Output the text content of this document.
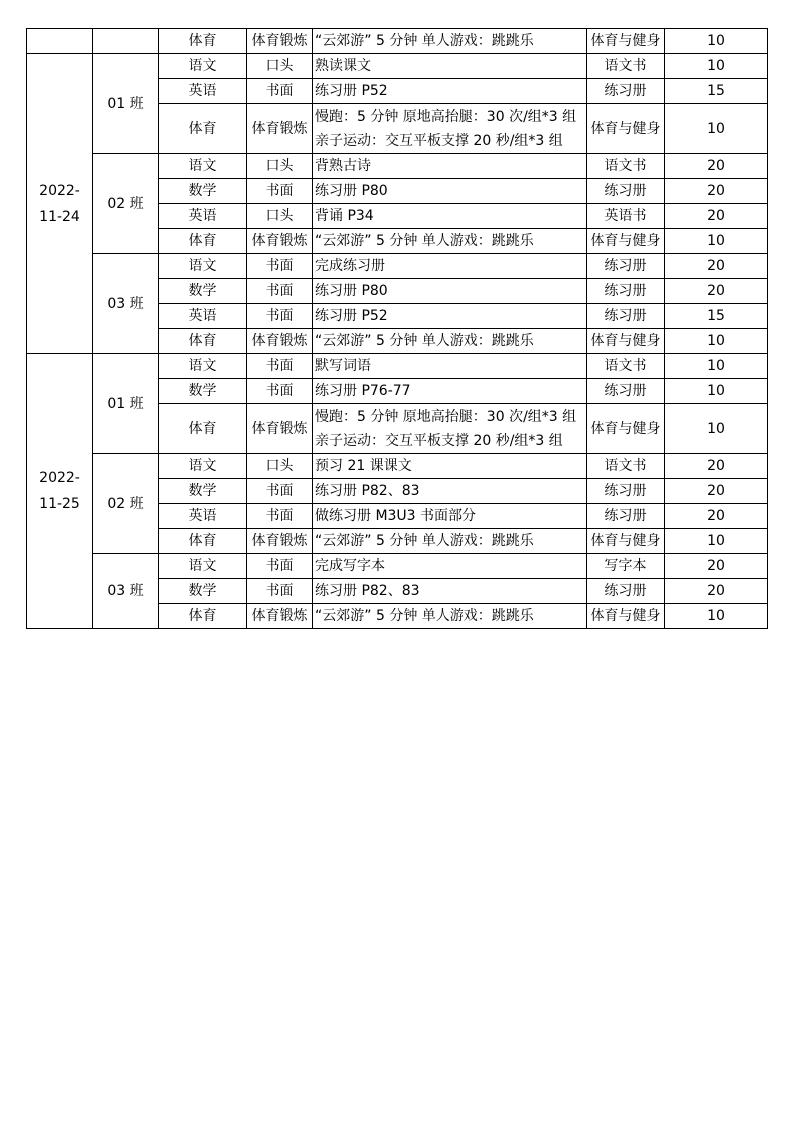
		体育	体育锻炼	“云郊游” 5 分钟 单人游戏：跳跳乐	体育与健身	10
2022-11-24	01 班	语文	口头	熟读课文	语文书	10
		英语	书面	练习册 P52	练习册	15
		体育	体育锻炼	慢跑：5 分钟 原地高抬腿：30 次/组*3 组
亲子运动：交互平板支撑 20 秒/组*3 组	体育与健身	10
	02 班	语文	口头	背熟古诗	语文书	20
		数学	书面	练习册 P80	练习册	20
		英语	口头	背诵 P34	英语书	20
		体育	体育锻炼	“云郊游” 5 分钟 单人游戏：跳跳乐	体育与健身	10
	03 班	语文	书面	完成练习册	练习册	20
		数学	书面	练习册 P80	练习册	20
		英语	书面	练习册 P52	练习册	15
		体育	体育锻炼	“云郊游” 5 分钟 单人游戏：跳跳乐	体育与健身	10
2022-11-25	01 班	语文	书面	默写词语	语文书	10
		数学	书面	练习册 P76-77	练习册	10
		体育	体育锻炼	慢跑：5 分钟 原地高抬腿：30 次/组*3 组
亲子运动：交互平板支撑 20 秒/组*3 组	体育与健身	10
	02 班	语文	口头	预习 21 课课文	语文书	20
		数学	书面	练习册 P82、83	练习册	20
		英语	书面	做练习册 M3U3 书面部分	练习册	20
		体育	体育锻炼	“云郊游” 5 分钟 单人游戏：跳跳乐	体育与健身	10
	03 班	语文	书面	完成写字本	写字本	20
		数学	书面	练习册 P82、83	练习册	20
		体育	体育锻炼	“云郊游” 5 分钟 单人游戏：跳跳乐	体育与健身	10
